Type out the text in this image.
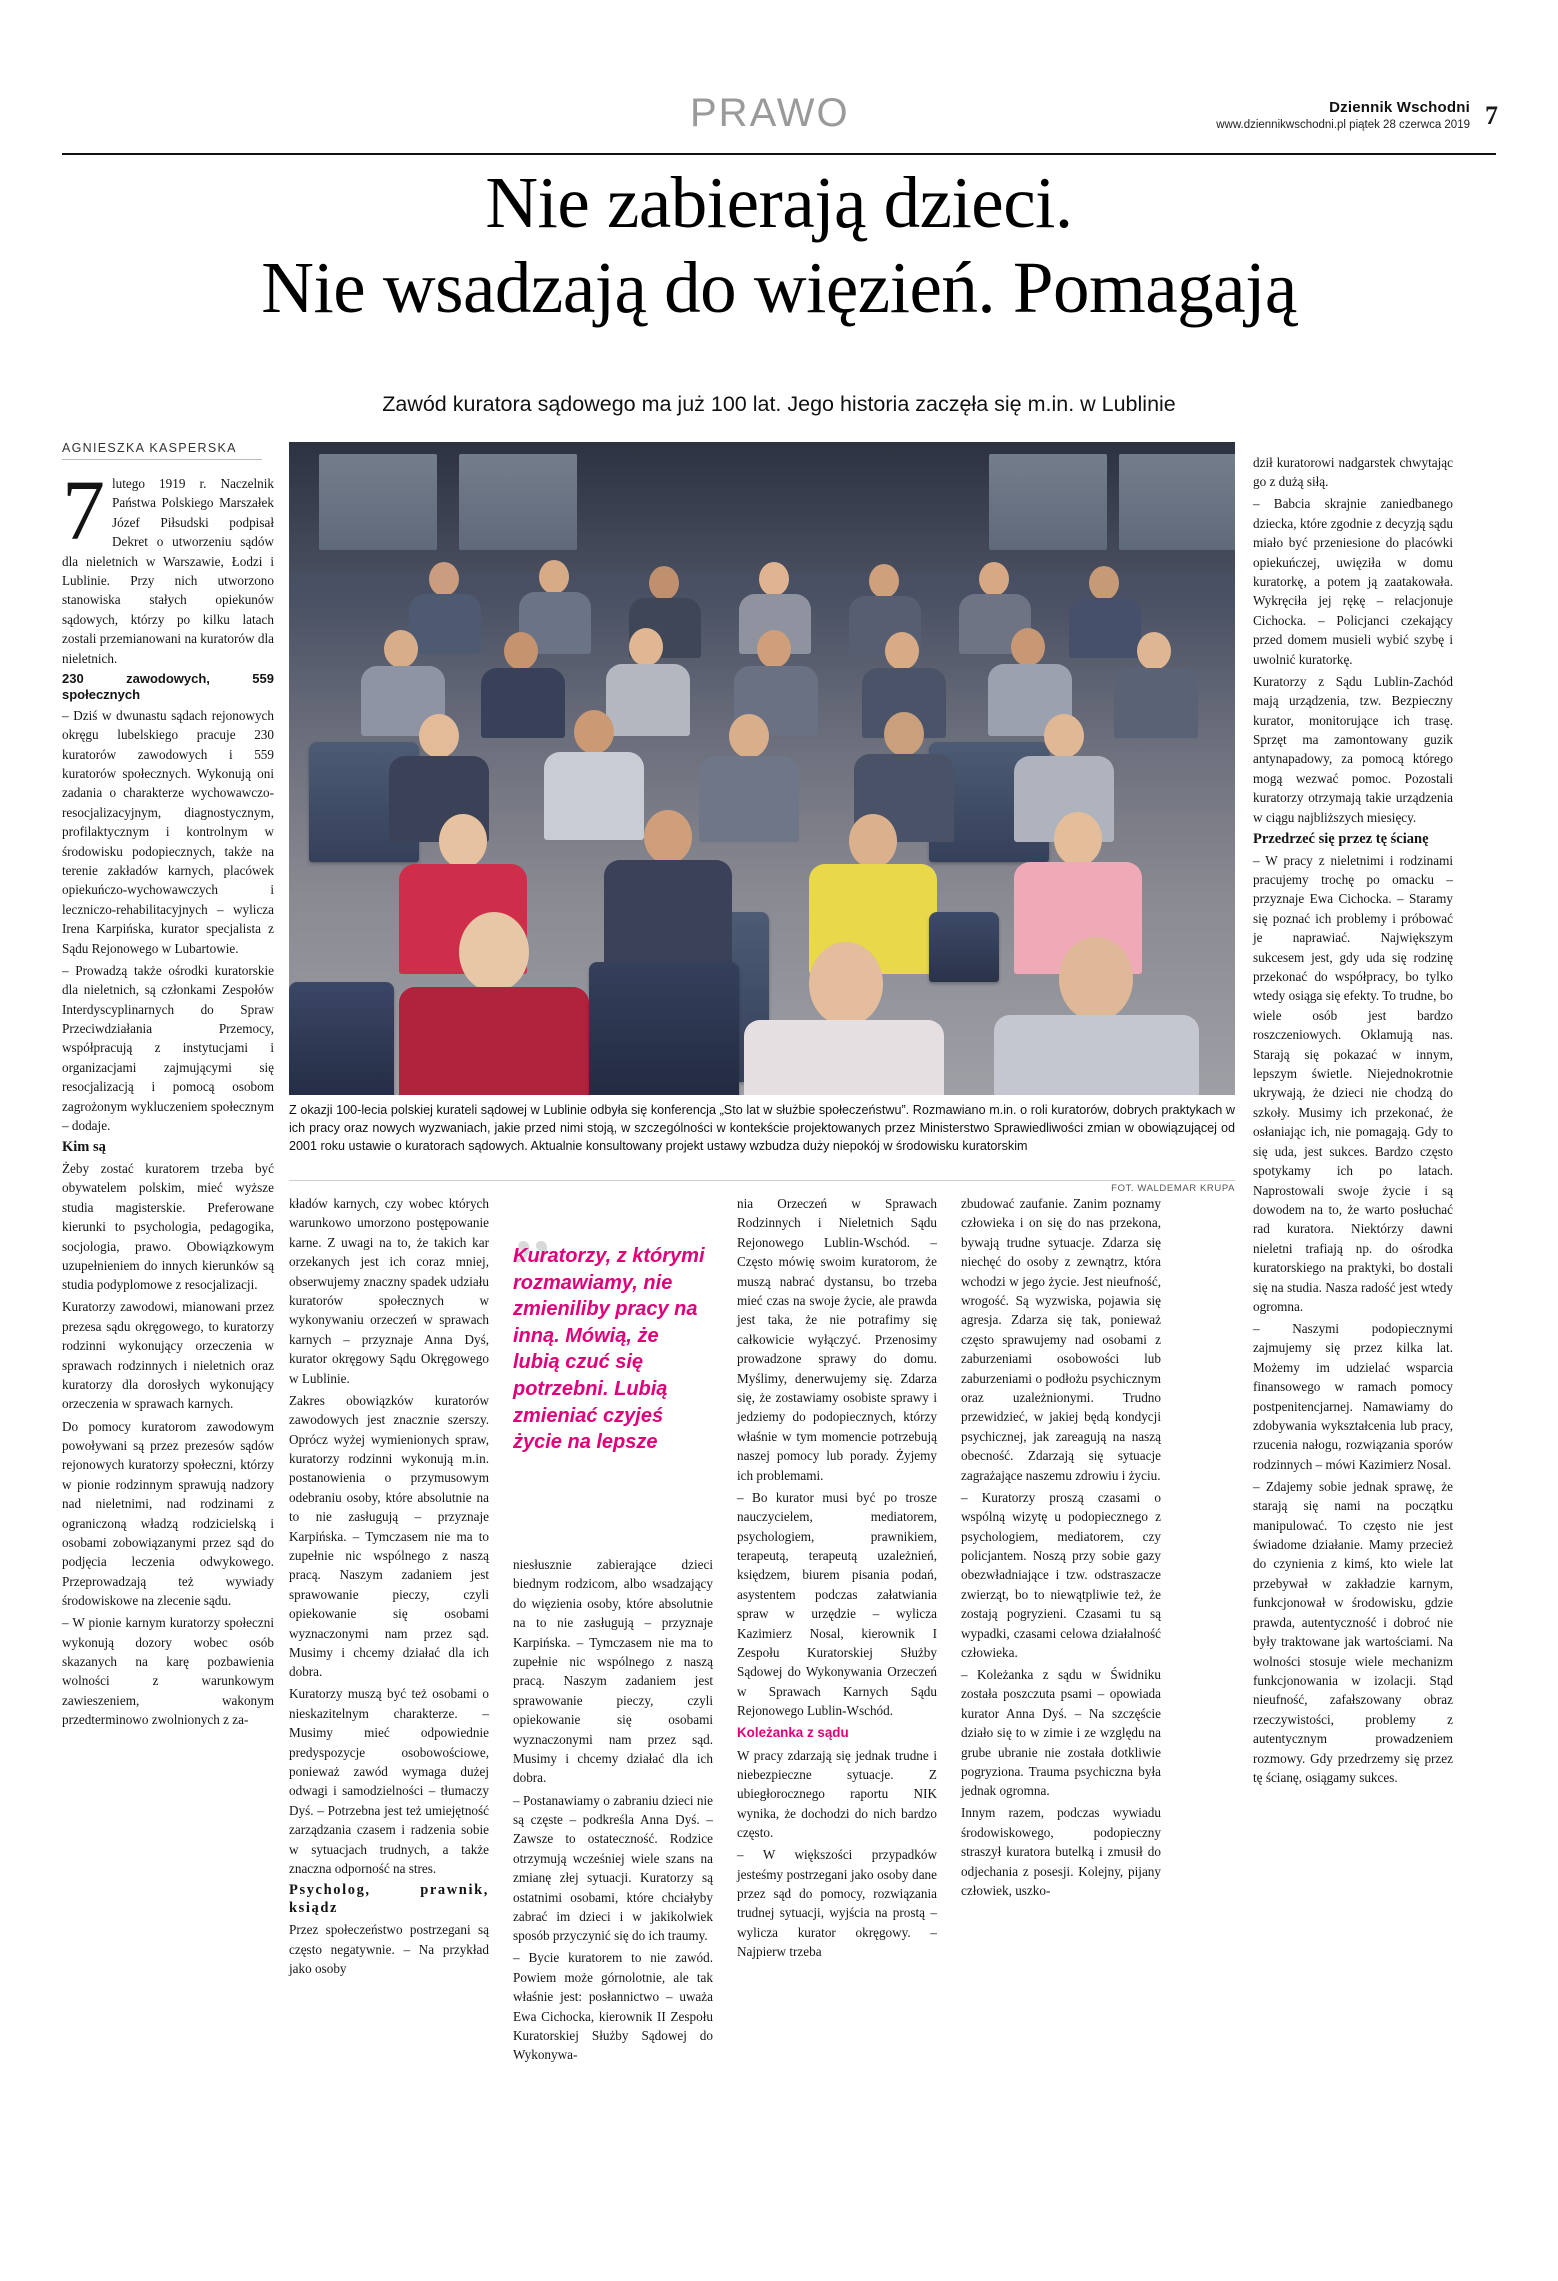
PRAWO	Dziennik Wschodni
www.dziennikwschodni.pl piątek 28 czerwca 2019 7
Nie zabierają dzieci.
Nie wsadzają do więzień. Pomagają
Zawód kuratora sądowego ma już 100 lat. Jego historia zaczęła się m.in. w Lublinie
AGNIESZKA KASPERSKA
Z okazji 100-lecia polskiej kurateli sądowej w Lublinie odbyła się konferencja „Sto lat w służbie społeczeństwu”. Rozmawiano m.in. o roli kuratorów, dobrych praktykach w ich pracy oraz nowych wyzwaniach, jakie przed nimi stoją, w szczególności w kontekście projektowanych przez Ministerstwo Sprawiedliwości zmian w obowiązującej od 2001 roku ustawie o kuratorach sądowych. Aktualnie konsultowany projekt ustawy wzbudza duży niepokój w środowisku kuratorskim
FOT. WALDEMAR KRUPA

7 lutego 1919 r. Naczelnik Państwa Polskiego Marszałek Józef Piłsudski podpisał Dekret o utworzeniu sądów dla nieletnich w Warszawie, Łodzi i Lublinie. Przy nich utworzono stanowiska stałych opiekunów sądowych, którzy po kilku latach zostali przemianowani na kuratorów dla nieletnich.

230 zawodowych, 559 społecznych

– Dziś w dwunastu sądach rejonowych okręgu lubelskiego pracuje 230 kuratorów zawodowych i 559 kuratorów społecznych. Wykonują oni zadania o charakterze wychowawczo-resocjalizacyjnym, diagnostycznym, profilaktycznym i kontrolnym w środowisku podopiecznych, także na terenie zakładów karnych, placówek opiekuńczo-wychowawczych i leczniczo-rehabilitacyjnych – wylicza Irena Karpińska, kurator specjalista z Sądu Rejonowego w Lubartowie.

– Prowadzą także ośrodki kuratorskie dla nieletnich, są członkami Zespołów Interdyscyplinarnych do Spraw Przeciwdziałania Przemocy, współpracują z instytucjami i organizacjami zajmującymi się resocjalizacją i pomocą osobom zagrożonym wykluczeniem społecznym – dodaje.

Kim są

Żeby zostać kuratorem trzeba być obywatelem polskim, mieć wyższe studia magisterskie. Preferowane kierunki to psychologia, pedagogika, socjologia, prawo. Obowiązkowym uzupełnieniem do innych kierunków są studia podyplomowe z resocjalizacji.

Kuratorzy zawodowi, mianowani przez prezesa sądu okręgowego, to kuratorzy rodzinni wykonujący orzeczenia w sprawach rodzinnych i nieletnich oraz kuratorzy dla dorosłych wykonujący orzeczenia w sprawach karnych.

Do pomocy kuratorom zawodowym powoływani są przez prezesów sądów rejonowych kuratorzy społeczni, którzy w pionie rodzinnym sprawują nadzory nad nieletnimi, nad rodzinami z ograniczoną władzą rodzicielską i osobami zobowiązanymi przez sąd do podjęcia leczenia odwykowego. Przeprowadzają też wywiady środowiskowe na zlecenie sądu.

– W pionie karnym kuratorzy społeczni wykonują dozory wobec osób skazanych na karę pozbawienia wolności z warunkowym zawieszeniem, wakonym przedterminowo zwolnionych z za-

kładów karnych, czy wobec których warunkowo umorzono postępowanie karne. Z uwagi na to, że takich kar orzekanych jest ich coraz mniej, obserwujemy znaczny spadek udziału kuratorów społecznych w wykonywaniu orzeczeń w sprawach karnych – przyznaje Anna Dyś, kurator okręgowy Sądu Okręgowego w Lublinie.

Zakres obowiązków kuratorów zawodowych jest znacznie szerszy. Oprócz wyżej wymienionych spraw, kuratorzy rodzinni wykonują m.in. postanowienia o przymusowym odebraniu osoby, które absolutnie na to nie zasługują – przyznaje Karpińska. – Tymczasem nie ma to zupełnie nic wspólnego z naszą pracą. Naszym zadaniem jest sprawowanie pieczy, czyli opiekowanie się osobami wyznaczonymi nam przez sąd. Musimy i chcemy działać dla ich dobra.

Kuratorzy muszą być też osobami o nieskazitelnym charakterze. – Musimy mieć odpowiednie predyspozycje osobowościowe, ponieważ zawód wymaga dużej odwagi i samodzielności – tłumaczy Dyś. – Potrzebna jest też umiejętność zarządzania czasem i radzenia sobie w sytuacjach trudnych, a także znaczna odporność na stres.

Psycholog, prawnik, ksiądz

Przez społeczeństwo postrzegani są często negatywnie. – Na przykład jako osoby

„
Kuratorzy, z którymi rozmawiamy, nie zmieniliby pracy na inną. Mówią, że lubią czuć się potrzebni. Lubią zmieniać czyjeś życie na lepsze

niesłusznie zabierające dzieci biednym rodzicom, albo wsadzający do więzienia osoby, które absolutnie na to nie zasługują – przyznaje Karpińska. – Tymczasem nie ma to zupełnie nic wspólnego z naszą pracą. Naszym zadaniem jest sprawowanie pieczy, czyli opiekowanie się osobami wyznaczonymi nam przez sąd. Musimy i chcemy działać dla ich dobra.

– Postanawiamy o zabraniu dzieci nie są częste – podkreśla Anna Dyś. – Zawsze to ostateczność. Rodzice otrzymują wcześniej wiele szans na zmianę złej sytuacji. Kuratorzy są ostatnimi osobami, które chciałyby zabrać im dzieci i w jakikolwiek sposób przyczynić się do ich traumy.

– Bycie kuratorem to nie zawód. Powiem może górnolotnie, ale tak właśnie jest: posłannictwo – uważa Ewa Cichocka, kierownik II Zespołu Kuratorskiej Służby Sądowej do Wykonywa-

nia Orzeczeń w Sprawach Rodzinnych i Nieletnich Sądu Rejonowego Lublin-Wschód. – Często mówię swoim kuratorom, że muszą nabrać dystansu, bo trzeba mieć czas na swoje życie, ale prawda jest taka, że nie potrafimy się całkowicie wyłączyć. Przenosimy prowadzone sprawy do domu. Myślimy, denerwujemy się. Zdarza się, że zostawiamy osobiste sprawy i jedziemy do podopiecznych, którzy właśnie w tym momencie potrzebują naszej pomocy lub porady. Żyjemy ich problemami.

– Bo kurator musi być po trosze nauczycielem, mediatorem, psychologiem, prawnikiem, terapeutą, terapeutą uzależnień, księdzem, biurem pisania podań, asystentem podczas załatwiania spraw w urzędzie – wylicza Kazimierz Nosal, kierownik I Zespołu Kuratorskiej Służby Sądowej do Wykonywania Orzeczeń w Sprawach Karnych Sądu Rejonowego Lublin-Wschód.

Koleżanka z sądu

W pracy zdarzają się jednak trudne i niebezpieczne sytuacje. Z ubiegłorocznego raportu NIK wynika, że dochodzi do nich bardzo często.

– W większości przypadków jesteśmy postrzegani jako osoby dane przez sąd do pomocy, rozwiązania trudnej sytuacji, wyjścia na prostą – wylicza kurator okręgowy. – Najpierw trzeba

zbudować zaufanie. Zanim poznamy człowieka i on się do nas przekona, bywają trudne sytuacje. Zdarza się niechęć do osoby z zewnątrz, która wchodzi w jego życie. Jest nieufność, wrogość. Są wyzwiska, pojawia się agresja. Zdarza się tak, ponieważ często sprawujemy nad osobami z zaburzeniami osobowości lub zaburzeniami o podłożu psychicznym oraz uzależnionymi. Trudno przewidzieć, w jakiej będą kondycji psychicznej, jak zareagują na naszą obecność. Zdarzają się sytuacje zagrażające naszemu zdrowiu i życiu.

– Kuratorzy proszą czasami o wspólną wizytę u podopiecznego z psychologiem, mediatorem, czy policjantem. Noszą przy sobie gazy obezwładniające i tzw. odstraszacze zwierząt, bo to niewątpliwie też, że zostają pogryzieni. Czasami tu są wypadki, czasami celowa działalność człowieka.

– Koleżanka z sądu w Świdniku została poszczuta psami – opowiada kurator Anna Dyś. – Na szczęście działo się to w zimie i ze względu na grube ubranie nie została dotkliwie pogryziona. Trauma psychiczna była jednak ogromna.

Innym razem, podczas wywiadu środowiskowego, podopieczny straszył kuratora butelką i zmusił do odjechania z posesji. Kolejny, pijany człowiek, uszko-

dził kuratorowi nadgarstek chwytając go z dużą siłą.

– Babcia skrajnie zaniedbanego dziecka, które zgodnie z decyzją sądu miało być przeniesione do placówki opiekuńczej, uwięziła w domu kuratorkę, a potem ją zaatakowała. Wykręciła jej rękę – relacjonuje Cichocka. – Policjanci czekający przed domem musieli wybić szybę i uwolnić kuratorkę.

Kuratorzy z Sądu Lublin-Zachód mają urządzenia, tzw. Bezpieczny kurator, monitorujące ich trasę. Sprzęt ma zamontowany guzik antynapadowy, za pomocą którego mogą wezwać pomoc. Pozostali kuratorzy otrzymają takie urządzenia w ciągu najbliższych miesięcy.

Przedrzeć się przez tę ścianę

– W pracy z nieletnimi i rodzinami pracujemy trochę po omacku – przyznaje Ewa Cichocka. – Staramy się poznać ich problemy i próbować je naprawiać. Największym sukcesem jest, gdy uda się rodzinę przekonać do współpracy, bo tylko wtedy osiąga się efekty. To trudne, bo wiele osób jest bardzo roszczeniowych. Oklamują nas. Starają się pokazać w innym, lepszym świetle. Niejednokrotnie ukrywają, że dzieci nie chodzą do szkoły. Musimy ich przekonać, że osłaniając ich, nie pomagają. Gdy to się uda, jest sukces. Bardzo często spotykamy ich po latach. Naprostowali swoje życie i są dowodem na to, że warto posłuchać rad kuratora. Niektórzy dawni nieletni trafiają np. do ośrodka kuratorskiego na praktyki, bo dostali się na studia. Nasza radość jest wtedy ogromna.

– Naszymi podopiecznymi zajmujemy się przez kilka lat. Możemy im udzielać wsparcia finansowego w ramach pomocy postpenitencjarnej. Namawiamy do zdobywania wykształcenia lub pracy, rzucenia nałogu, rozwiązania sporów rodzinnych – mówi Kazimierz Nosal.

– Zdajemy sobie jednak sprawę, że starają się nami na początku manipulować. To często nie jest świadome działanie. Mamy przecież do czynienia z kimś, kto wiele lat przebywał w zakładzie karnym, funkcjonował w środowisku, gdzie prawda, autentyczność i dobroć nie były traktowane jak wartościami. Na wolności stosuje wiele mechanizm funkcjonowania w izolacji. Stąd nieufność, zafałszowany obraz rzeczywistości, problemy z autentycznym prowadzeniem rozmowy. Gdy przedrzemy się przez tę ścianę, osiągamy sukces.
